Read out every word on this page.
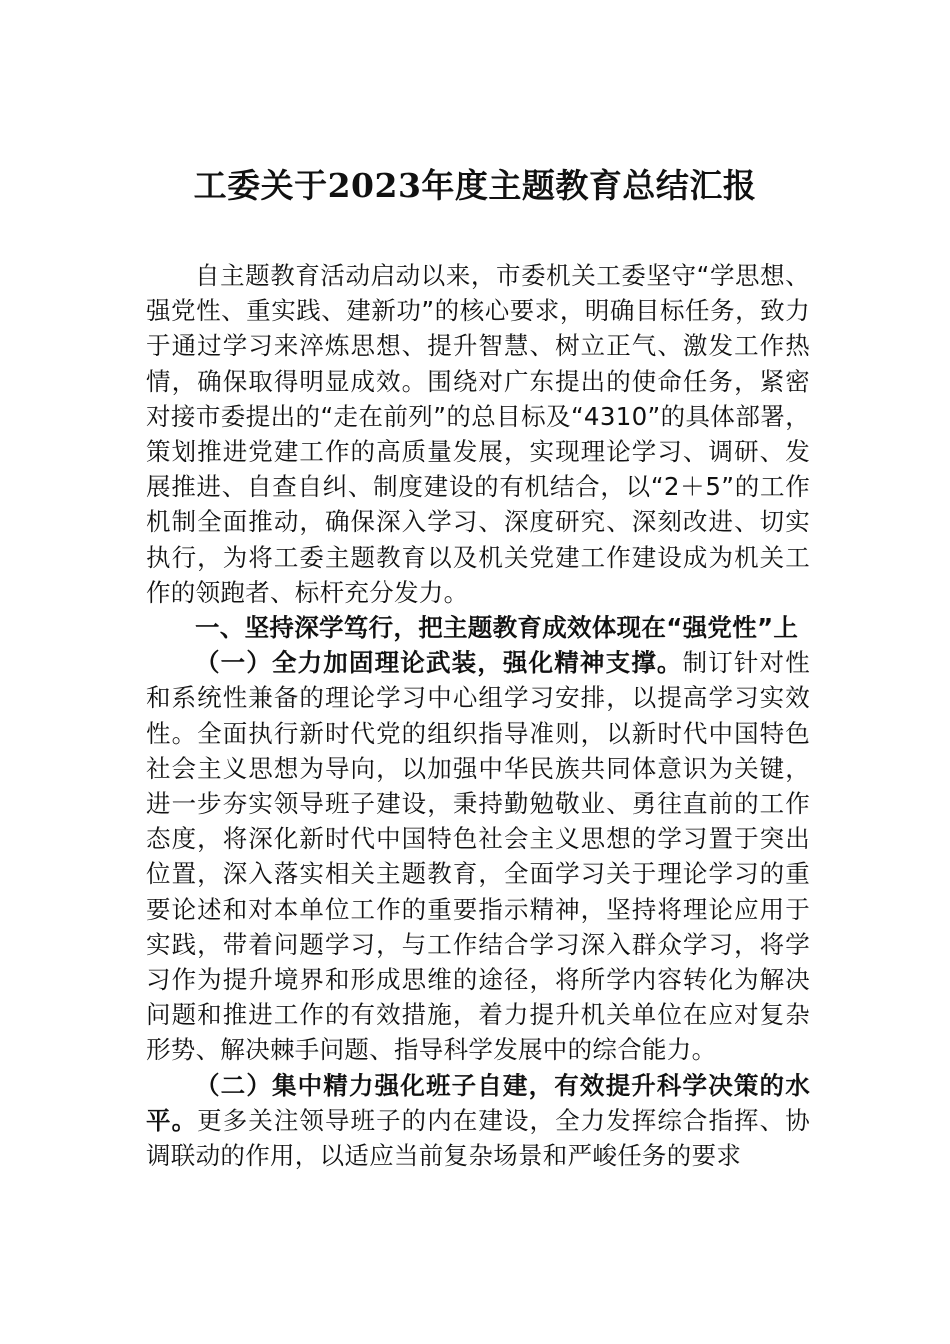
工委关于2023年度主题教育总结汇报

自主题教育活动启动以来，市委机关工委坚守“学思想、强党性、重实践、建新功”的核心要求，明确目标任务，致力于通过学习来淬炼思想、提升智慧、树立正气、激发工作热情，确保取得明显成效。围绕对广东提出的使命任务，紧密对接市委提出的“走在前列”的总目标及“4310”的具体部署，策划推进党建工作的高质量发展，实现理论学习、调研、发展推进、自查自纠、制度建设的有机结合，以“2＋5”的工作机制全面推动，确保深入学习、深度研究、深刻改进、切实执行，为将工委主题教育以及机关党建工作建设成为机关工作的领跑者、标杆充分发力。

一、坚持深学笃行，把主题教育成效体现在“强党性”上

（一）全力加固理论武装，强化精神支撑。制订针对性和系统性兼备的理论学习中心组学习安排，以提高学习实效性。全面执行新时代党的组织指导准则，以新时代中国特色社会主义思想为导向，以加强中华民族共同体意识为关键，进一步夯实领导班子建设，秉持勤勉敬业、勇往直前的工作态度，将深化新时代中国特色社会主义思想的学习置于突出位置，深入落实相关主题教育，全面学习关于理论学习的重要论述和对本单位工作的重要指示精神，坚持将理论应用于实践，带着问题学习，与工作结合学习深入群众学习，将学习作为提升境界和形成思维的途径，将所学内容转化为解决问题和推进工作的有效措施，着力提升机关单位在应对复杂形势、解决棘手问题、指导科学发展中的综合能力。

（二）集中精力强化班子自建，有效提升科学决策的水平。更多关注领导班子的内在建设，全力发挥综合指挥、协调联动的作用，以适应当前复杂场景和严峻任务的要求
